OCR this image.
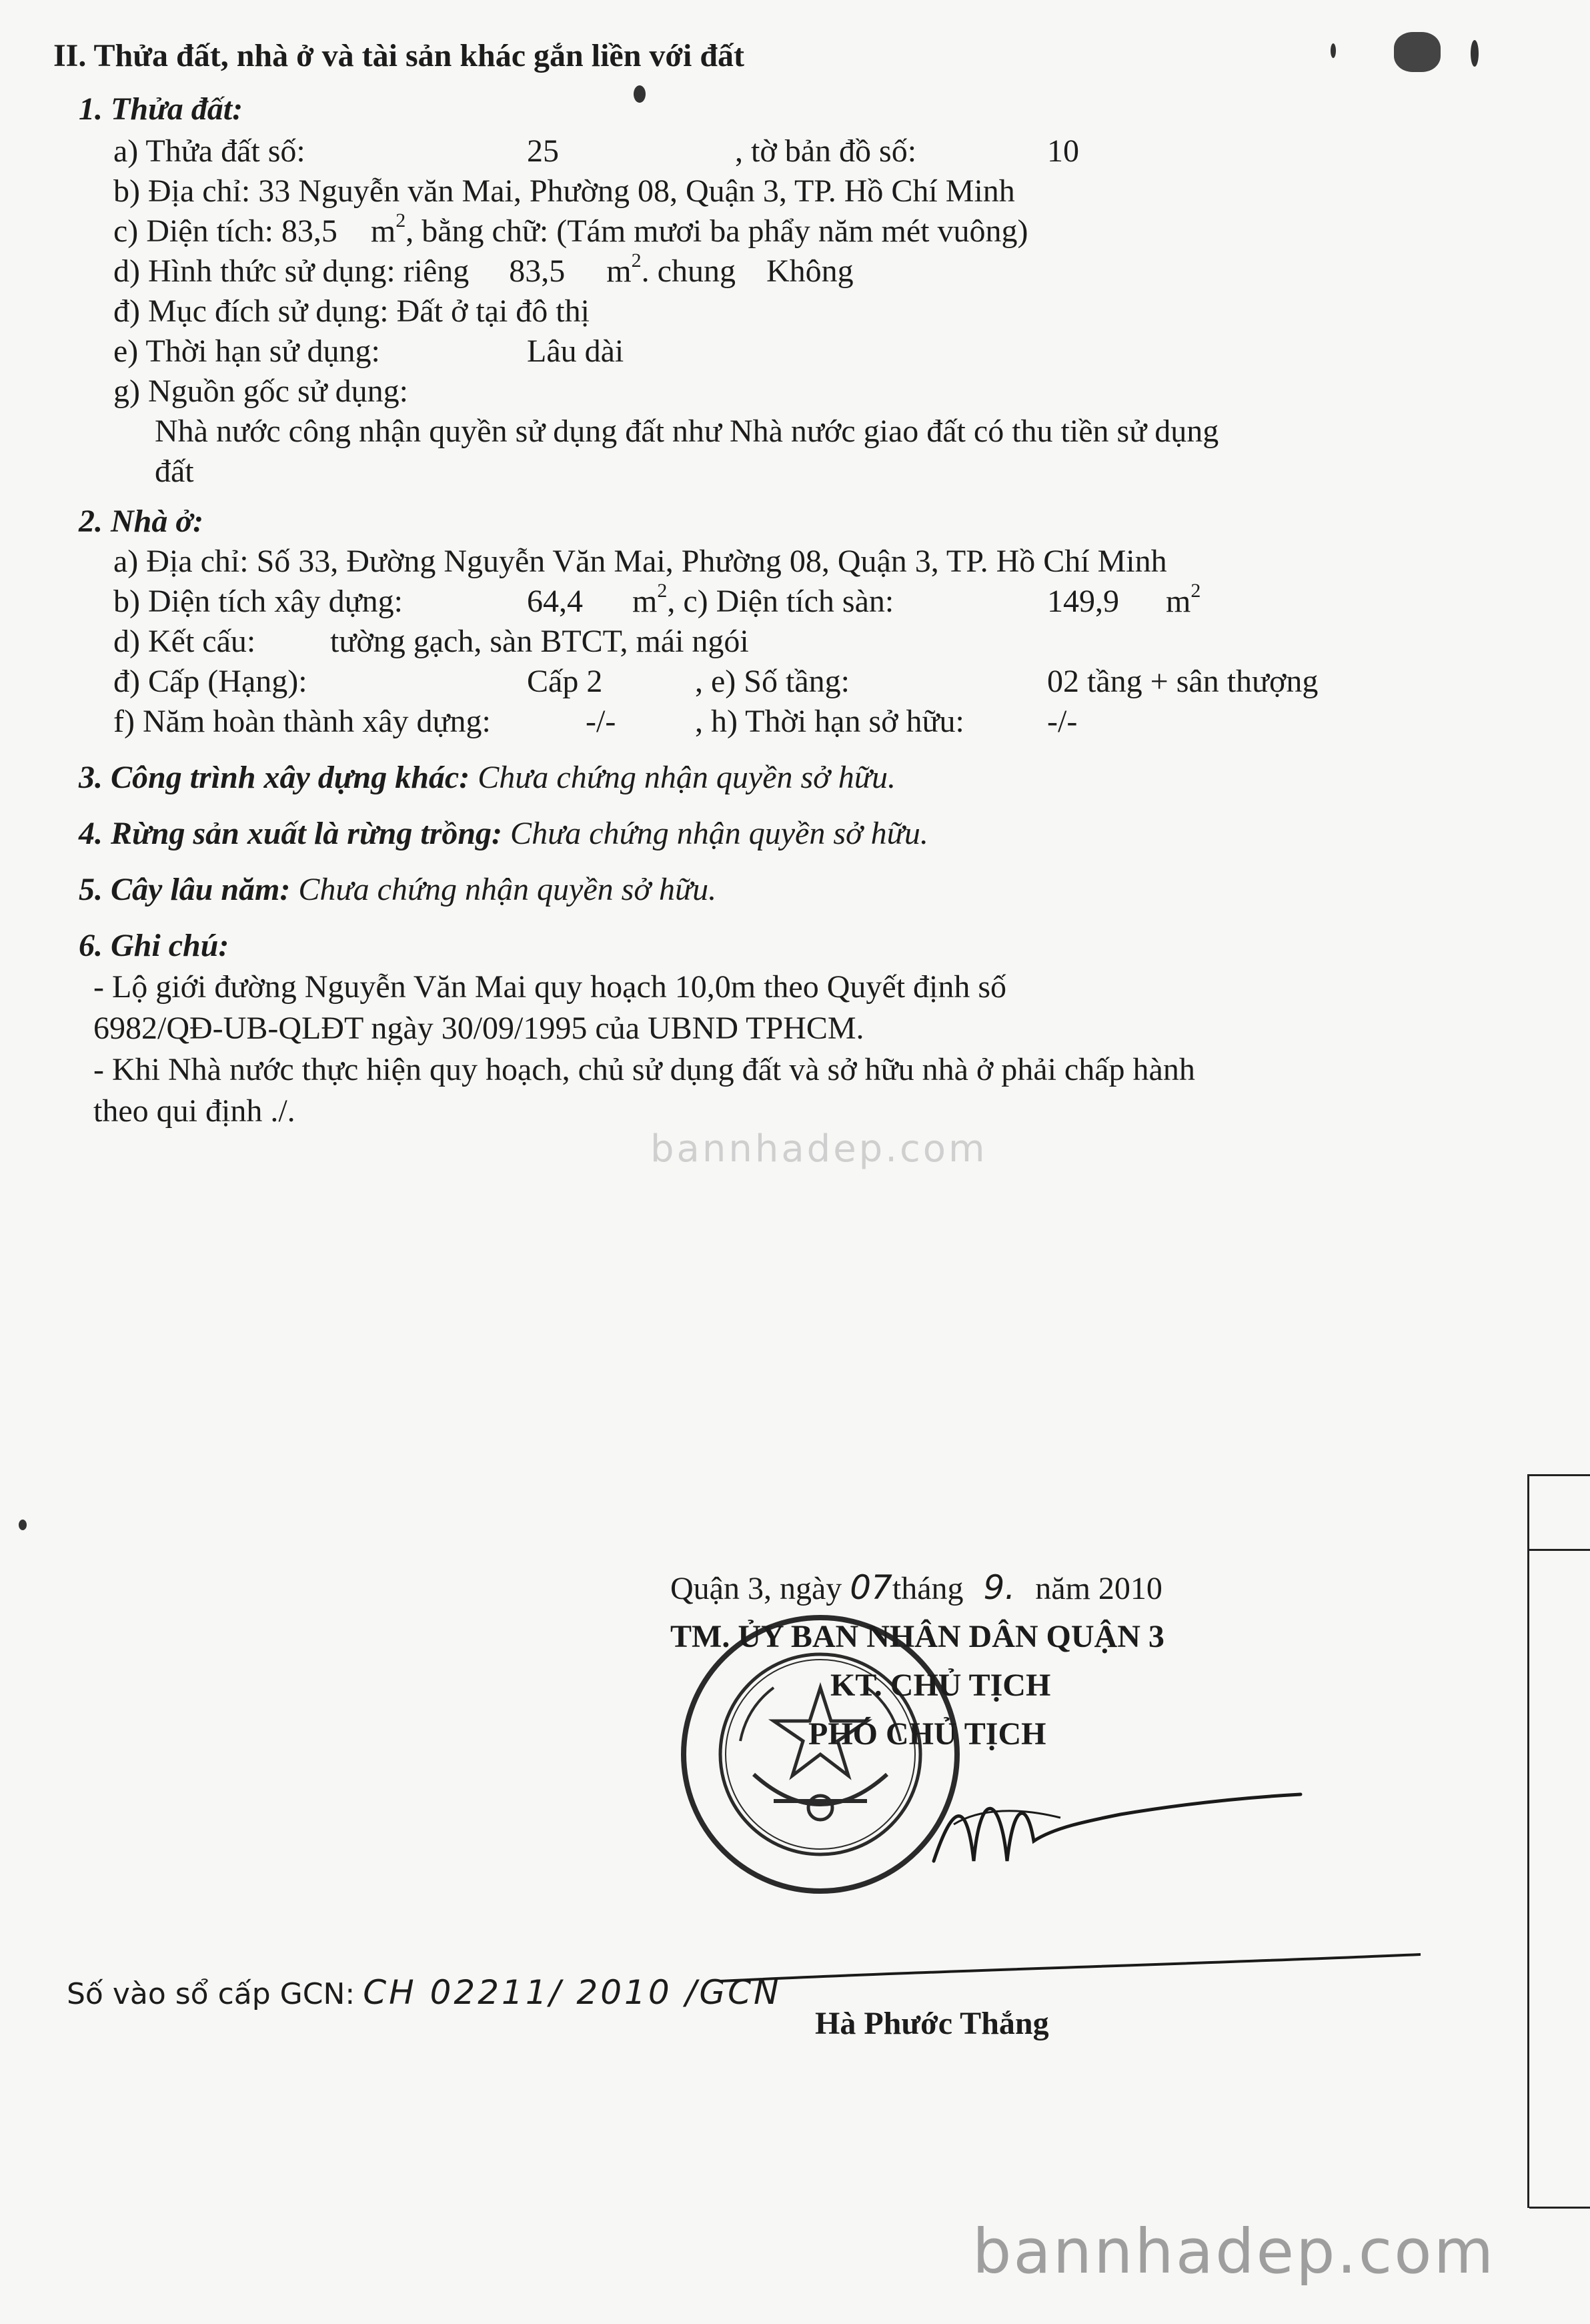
II. Thửa đất, nhà ở và tài sản khác gắn liền với đất
1. Thửa đất:
a) Thửa đất số:	25	, tờ bản đồ số:	10
b) Địa chỉ: 33 Nguyễn văn Mai, Phường 08, Quận 3, TP. Hồ Chí Minh
c) Diện tích: 83,5 $m^2$, bằng chữ: (Tám mươi ba phẩy năm mét vuông)
d) Hình thức sử dụng: riêng 83,5 $m^2$. chung Không
đ) Mục đích sử dụng: Đất ở tại đô thị
e) Thời hạn sử dụng:	Lâu dài
g) Nguồn gốc sử dụng:
Nhà nước công nhận quyền sử dụng đất như Nhà nước giao đất có thu tiền sử dụng
đất
2. Nhà ở:
a) Địa chỉ: Số 33, Đường Nguyễn Văn Mai, Phường 08, Quận 3, TP. Hồ Chí Minh
b) Diện tích xây dựng:	64,4 $m^2$, c) Diện tích sàn:	149,9 $m^2$
d) Kết cấu: tường gạch, sàn BTCT, mái ngói
đ) Cấp (Hạng):	Cấp 2	, e) Số tầng:	02 tầng + sân thượng
f) Năm hoàn thành xây dựng:	-/- , h) Thời hạn sở hữu:	-/-
3. Công trình xây dựng khác: Chưa chứng nhận quyền sở hữu.
4. Rừng sản xuất là rừng trồng: Chưa chứng nhận quyền sở hữu.
5. Cây lâu năm: Chưa chứng nhận quyền sở hữu.
6. Ghi chú:
- Lộ giới đường Nguyễn Văn Mai quy hoạch 10,0m theo Quyết định số
6982/QĐ-UB-QLĐT ngày 30/09/1995 của UBND TPHCM.
- Khi Nhà nước thực hiện quy hoạch, chủ sử dụng đất và sở hữu nhà ở phải chấp hành
theo qui định ./.
bannhadep.com
Quận 3, ngày 07tháng 9. năm 2010
TM. ỦY BAN NHÂN DÂN QUẬN 3
KT. CHỦ TỊCH
PHÓ CHỦ TỊCH
Số vào sổ cấp GCN: CH 02211/ 2010 /GCN
Hà Phước Thắng
bannhadep.com
